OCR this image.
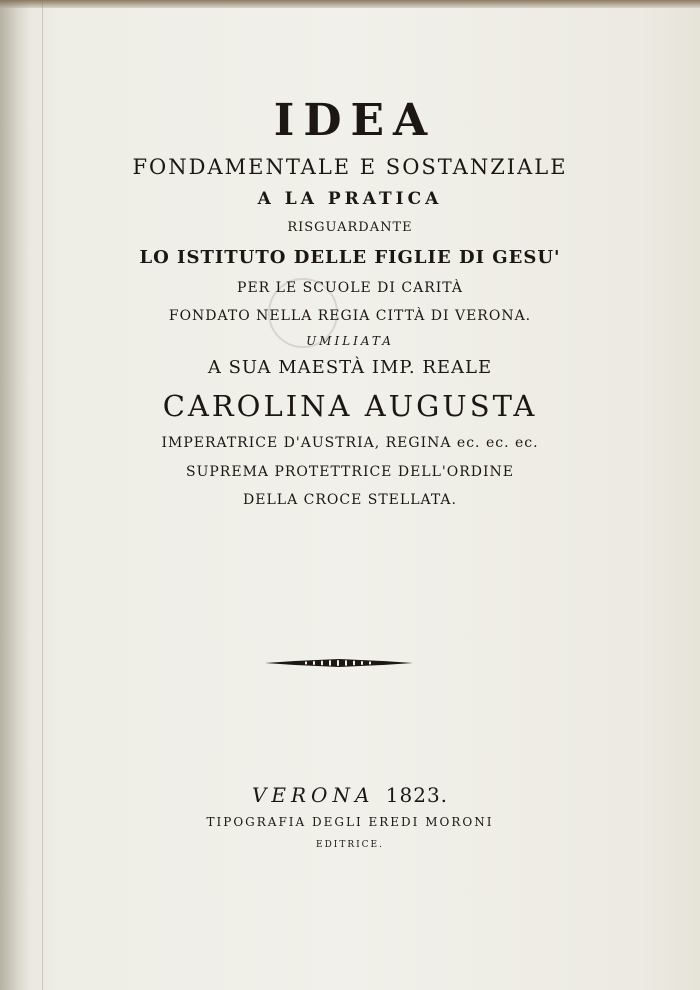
​

IDEA
FONDAMENTALE E SOSTANZIALE
A LA PRATICA
RISGUARDANTE
LO ISTITUTO DELLE FIGLIE DI GESU'
PER LE SCUOLE DI CARITÀ
FONDATO NELLA REGIA CITTÀ DI VERONA.
UMILIATA
A SUA MAESTÀ IMP. REALE
CAROLINA AUGUSTA
IMPERATRICE D'AUSTRIA, REGINA ec. ec. ec.
SUPREMA PROTETTRICE DELL'ORDINE
DELLA CROCE STELLATA.
VERONA 1823.
TIPOGRAFIA DEGLI EREDI MORONI
EDITRICE.
